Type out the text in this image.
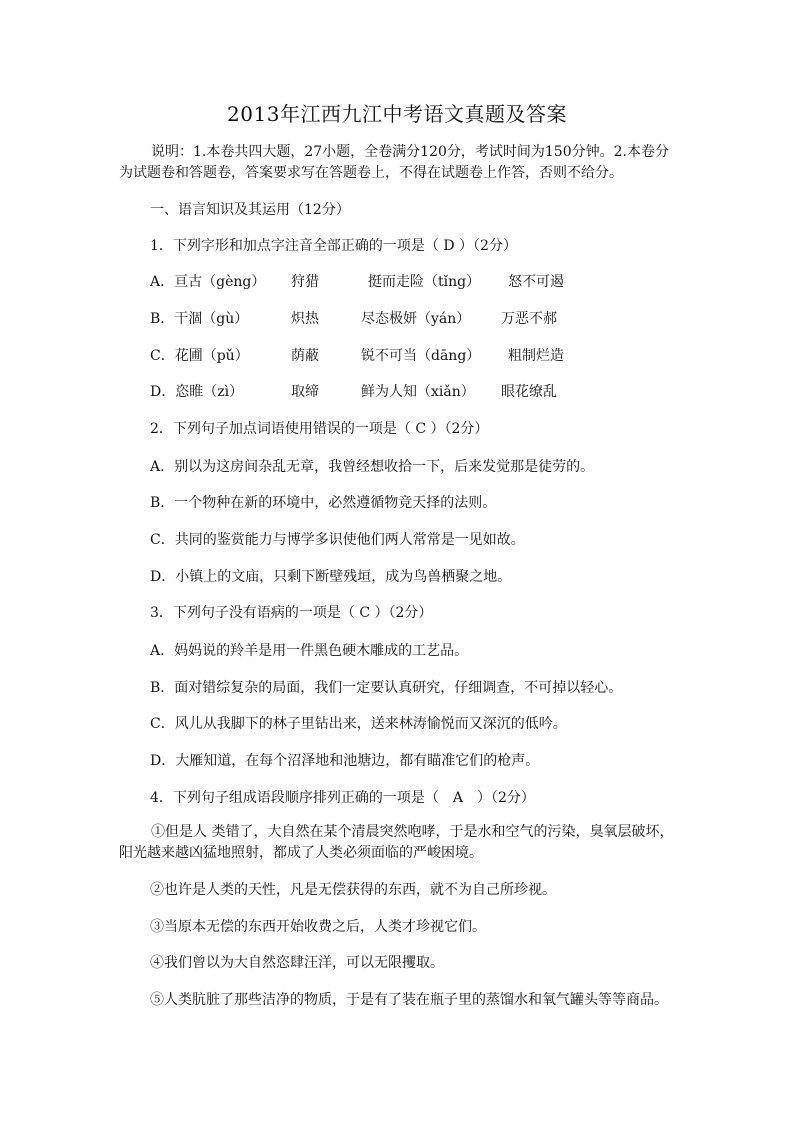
2013年江西九江中考语文真题及答案
说明：1.本卷共四大题，27小题，全卷满分120分，考试时间为150分钟。2.本卷分为试题卷和答题卷，答案要求写在答题卷上，不得在试题卷上作答，否则不给分。
一、语言知识及其运用（12分）
1．下列字形和加点字注音全部正确的一项是（ D ）（2分）
A．亘古（gèng） 狩猎	挺而走险（tǐng） 怒不可遏
B．干涸（gù）	炽热	尽态极妍（yán） 万恶不郝
C．花圃（pǔ）	荫蔽	锐不可当（dāng） 粗制烂造
D．恣睢（zì）	取缔	鲜为人知（xiǎn） 眼花缭乱
2．下列句子加点词语使用错误的一项是（ C ）（2分）
A．别以为这房间杂乱无章，我曾经想收拾一下，后来发觉那是徒劳的。
B．一个物种在新的环境中，必然遵循物竞天择的法则。
C．共同的鉴赏能力与博学多识使他们两人常常是一见如故。
D．小镇上的文庙，只剩下断壁残垣，成为鸟兽栖聚之地。
3．下列句子没有语病的一项是（ C ）（2分）
A．妈妈说的羚羊是用一件黑色硬木雕成的工艺品。
B．面对错综复杂的局面，我们一定要认真研究，仔细调查，不可掉以轻心。
C．风儿从我脚下的林子里钻出来，送来林涛愉悦而又深沉的低吟。
D．大雁知道，在每个沼泽地和池塘边，都有瞄准它们的枪声。
4．下列句子组成语段顺序排列正确的一项是（　A　）（2分）
①但是人 类错了，大自然在某个清晨突然咆哮，于是水和空气的污染，臭氧层破坏，阳光越来越凶猛地照射，都成了人类必须面临的严峻困境。
②也许是人类的天性，凡是无偿获得的东西，就不为自己所珍视。
③当原本无偿的东西开始收费之后，人类才珍视它们。
④我们曾以为大自然恣肆汪洋，可以无限攫取。
⑤人类肮脏了那些洁净的物质，于是有了装在瓶子里的蒸馏水和氧气罐头等等商品。
